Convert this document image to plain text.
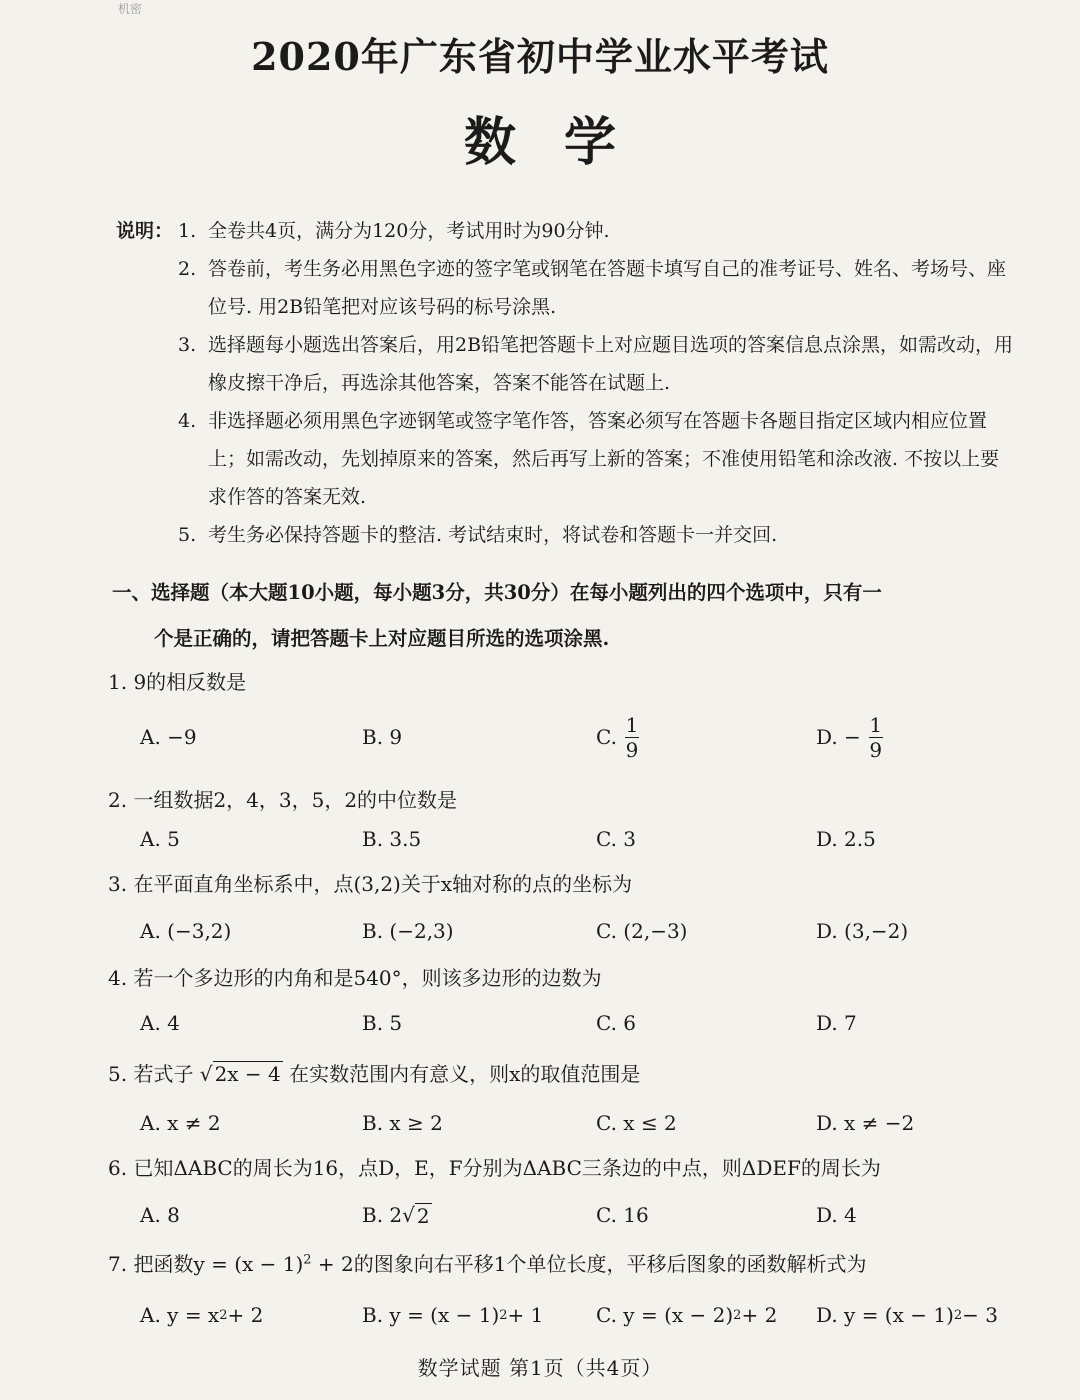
机密
2020年广东省初中学业水平考试
数学
说明： 1. 全卷共4页，满分为120分，考试用时为90分钟.
2. 答卷前，考生务必用黑色字迹的签字笔或钢笔在答题卡填写自己的准考证号、姓名、考场号、座位号. 用2B铅笔把对应该号码的标号涂黑.
3. 选择题每小题选出答案后，用2B铅笔把答题卡上对应题目选项的答案信息点涂黑，如需改动，用橡皮擦干净后，再选涂其他答案，答案不能答在试题上.
4. 非选择题必须用黑色字迹钢笔或签字笔作答，答案必须写在答题卡各题目指定区域内相应位置上；如需改动，先划掉原来的答案，然后再写上新的答案；不准使用铅笔和涂改液. 不按以上要求作答的答案无效.
5. 考生务必保持答题卡的整洁. 考试结束时，将试卷和答题卡一并交回.
一、选择题（本大题10小题，每小题3分，共30分）在每小题列出的四个选项中，只有一
个是正确的，请把答题卡上对应题目所选的选项涂黑.
1. 9的相反数是
A. −9	B. 9	C. $\frac{1}{9}$	D. − $\frac{1}{9}$
2. 一组数据2，4，3，5，2的中位数是
A. 5	B. 3.5	C. 3	D. 2.5
3. 在平面直角坐标系中，点(3,2)关于x轴对称的点的坐标为
A. (−3,2)	B. (−2,3)	C. (2,−3)	D. (3,−2)
4. 若一个多边形的内角和是540°，则该多边形的边数为
A. 4	B. 5	C. 6	D. 7
5. 若式子 √ 2x − 4 在实数范围内有意义，则x的取值范围是
A. x ≠ 2	B. x ≥ 2	C. x ≤ 2	D. x ≠ −2
6. 已知ΔABC的周长为16，点D，E，F分别为ΔABC三条边的中点，则ΔDEF的周长为
A. 8	B. 2 √ 2	C. 16	D. 4
7. 把函数$y = (x - 1)^2 + 2$的图象向右平移1个单位长度，平移后图象的函数解析式为
A. y = x 2 + 2	B. y = (x − 1) 2 + 1	C. y = (x − 2) 2 + 2 D. y = (x − 1) 2 − 3
数学试题 第1页（共4页）
